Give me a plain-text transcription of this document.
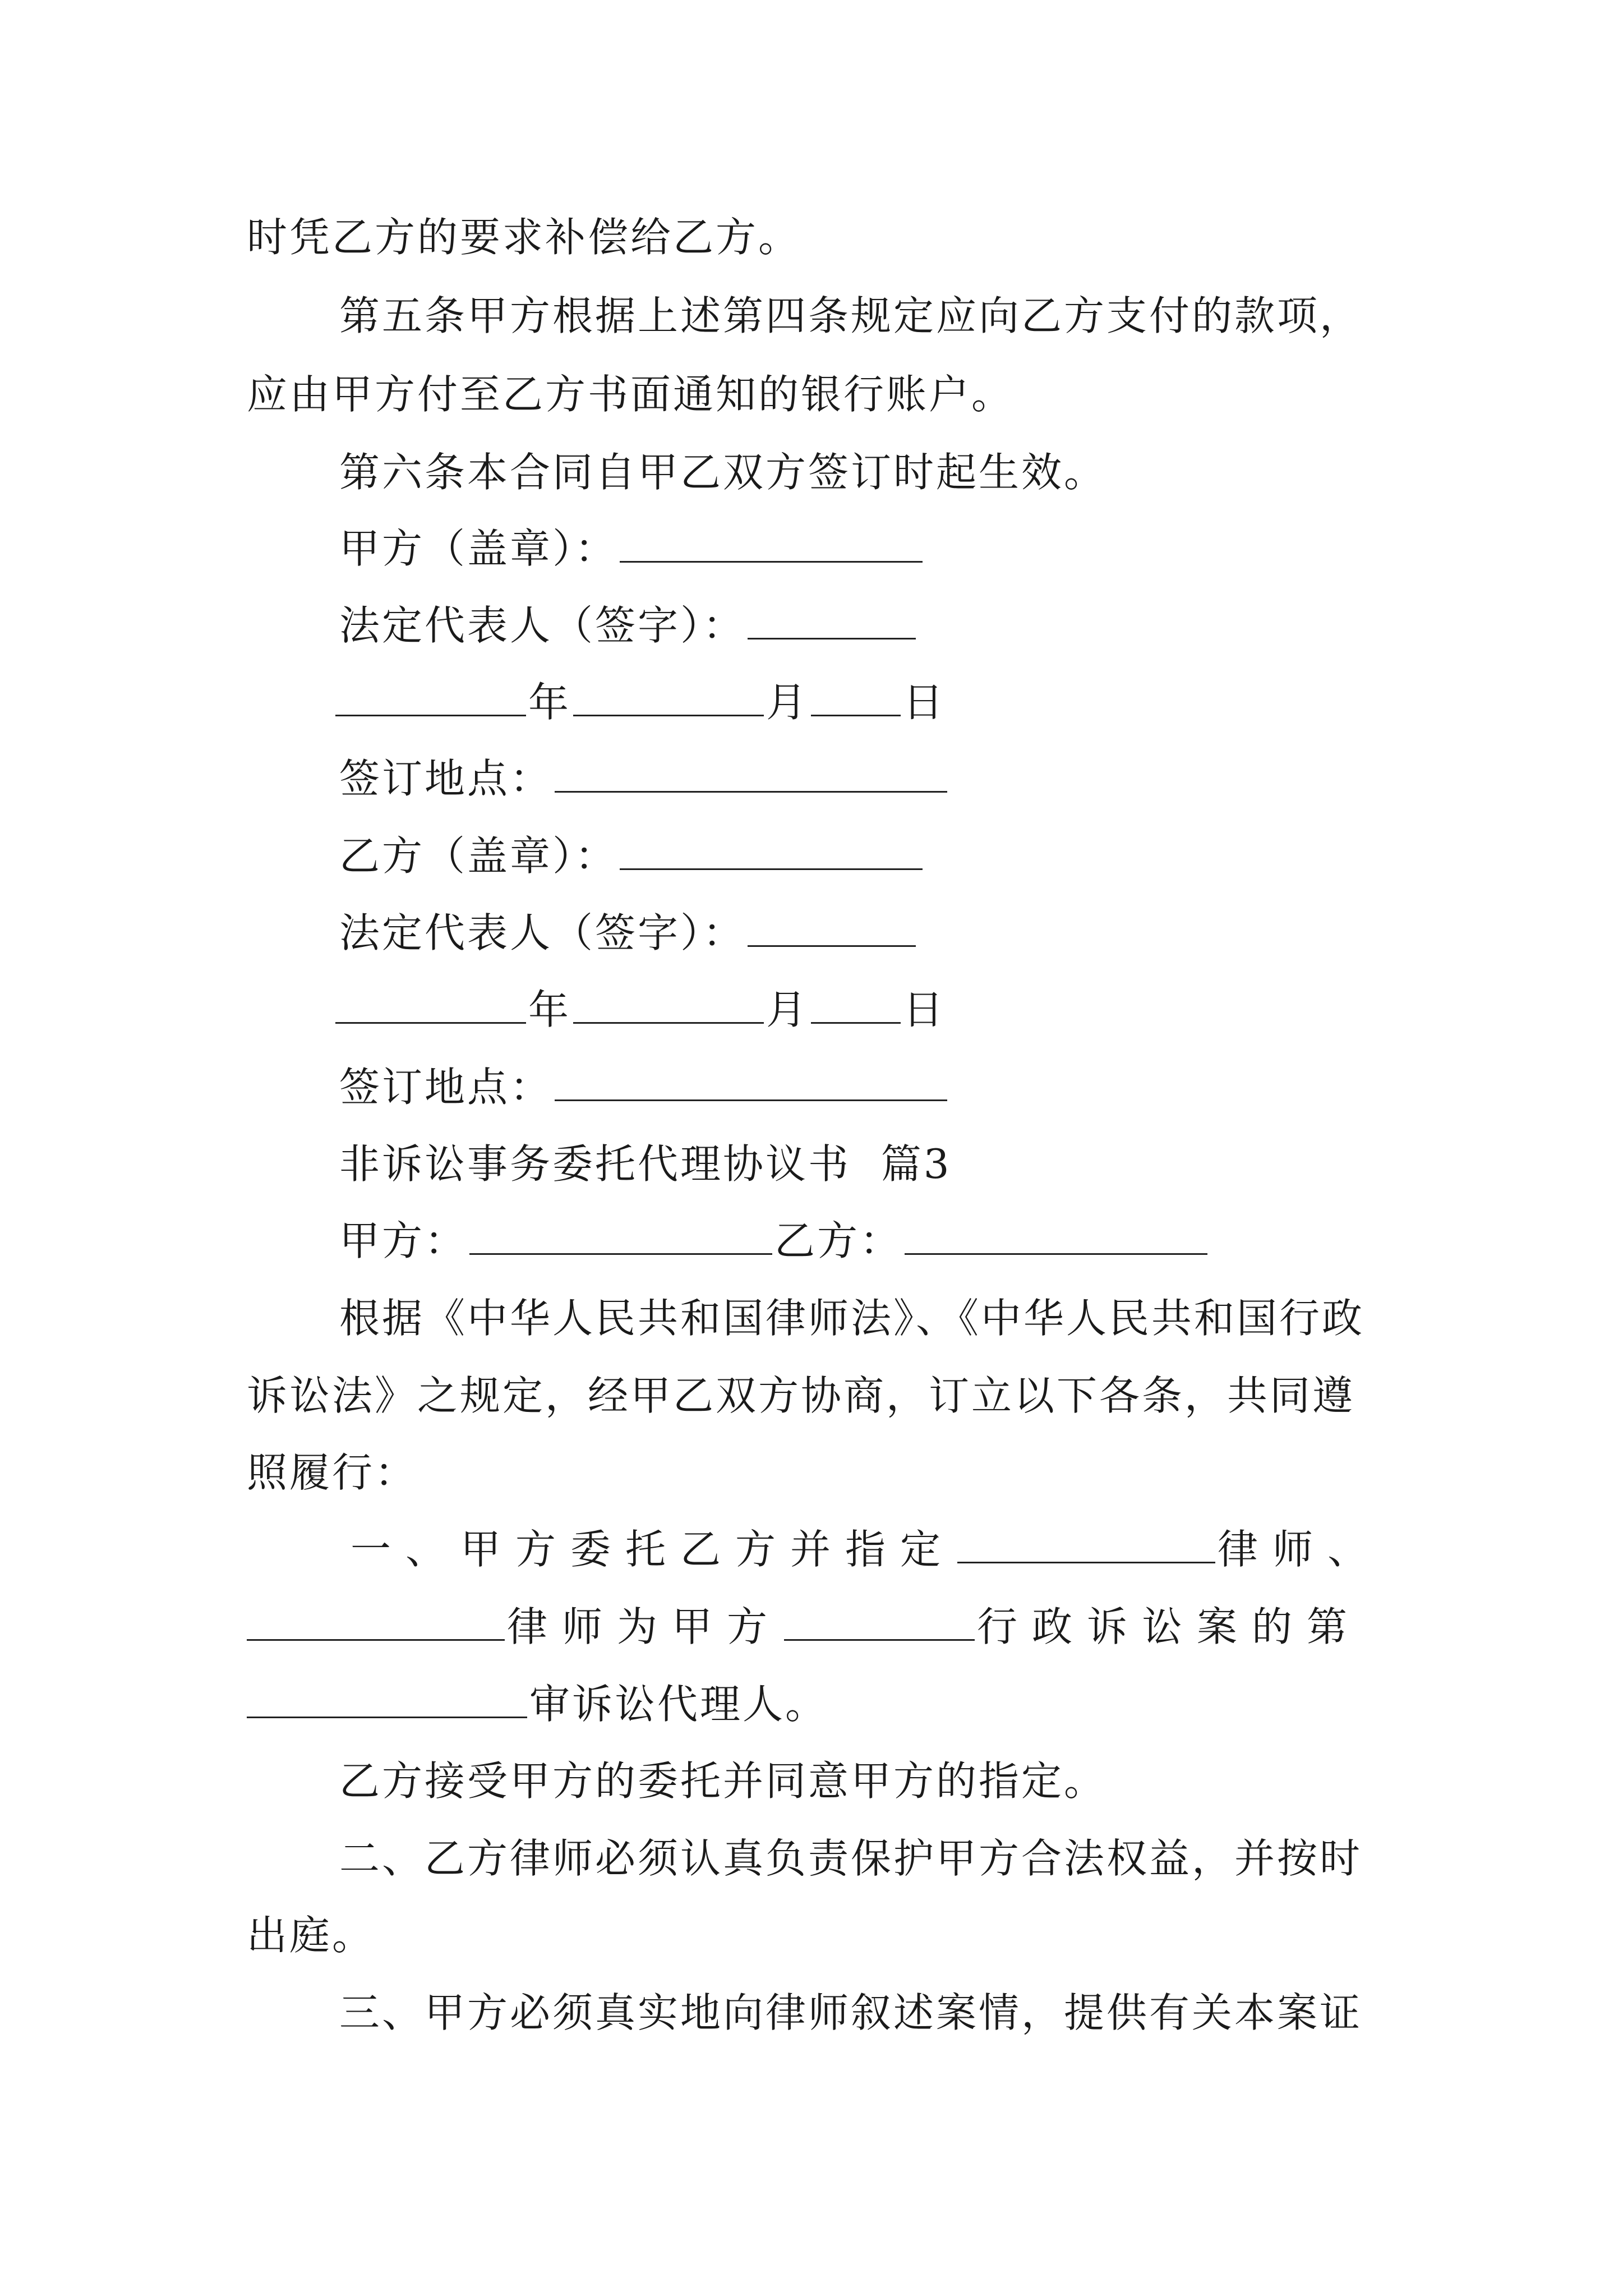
时凭乙方的要求补偿给乙方。
第五条甲方根据上述第四条规定应向乙方支付的款项，
应由甲方付至乙方书面通知的银行账户。
第六条本合同自甲乙双方签订时起生效。
甲方（盖章）：
法定代表人（签字）：
年	月 日
签订地点：
乙方（盖章）：
法定代表人（签字）：
年	月 日
签订地点：
非诉讼事务委托代理协议书  篇3
甲方：	乙方：
根据《中华人民共和国律师法》、《中华人民共和国行政
诉讼法》之规定，经甲乙双方协商，订立以下各条，共同遵
照履行：
一、甲方委托乙方并指定	律师、
律师为甲方	行政诉讼案的第
审诉讼代理人。
乙方接受甲方的委托并同意甲方的指定。
二、乙方律师必须认真负责保护甲方合法权益，并按时
出庭。
三、甲方必须真实地向律师叙述案情，提供有关本案证
